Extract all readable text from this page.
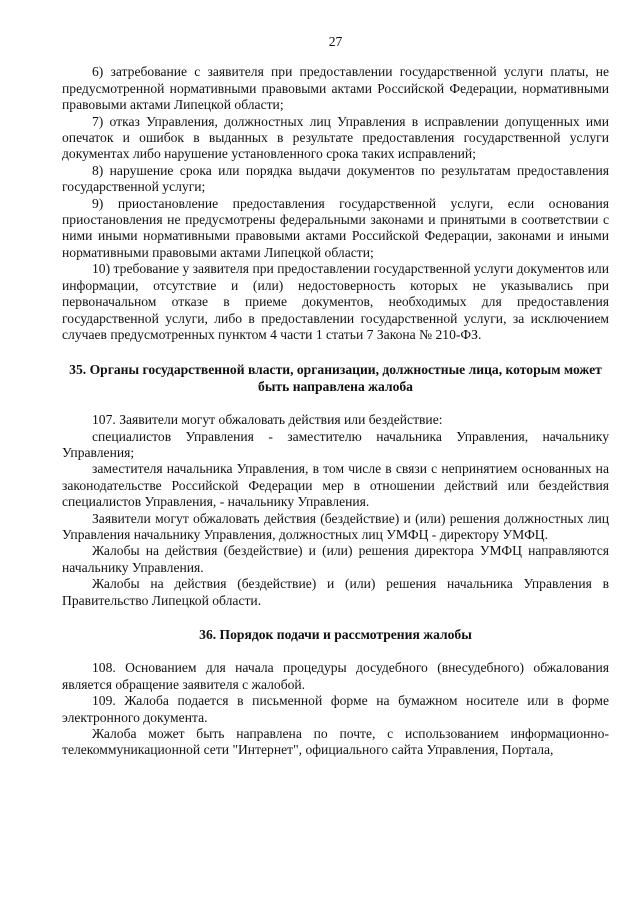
27

6) затребование с заявителя при предоставлении государственной услуги платы, не предусмотренной нормативными правовыми актами Российской Федерации, нормативными правовыми актами Липецкой области;

7) отказ Управления, должностных лиц Управления в исправлении допущенных ими опечаток и ошибок в выданных в результате предоставления государственной услуги документах либо нарушение установленного срока таких исправлений;

8) нарушение срока или порядка выдачи документов по результатам предоставления государственной услуги;

9) приостановление предоставления государственной услуги, если основания приостановления не предусмотрены федеральными законами и принятыми в соответствии с ними иными нормативными правовыми актами Российской Федерации, законами и иными нормативными правовыми актами Липецкой области;

10) требование у заявителя при предоставлении государственной услуги документов или информации, отсутствие и (или) недостоверность которых не указывались при первоначальном отказе в приеме документов, необходимых для предоставления государственной услуги, либо в предоставлении государственной услуги, за исключением случаев предусмотренных пунктом 4 части 1 статьи 7 Закона № 210-ФЗ.

35. Органы государственной власти, организации, должностные лица, которым может быть направлена жалоба

107. Заявители могут обжаловать действия или бездействие:

специалистов Управления - заместителю начальника Управления, начальнику Управления;

заместителя начальника Управления, в том числе в связи с непринятием основанных на законодательстве Российской Федерации мер в отношении действий или бездействия специалистов Управления, - начальнику Управления.

Заявители могут обжаловать действия (бездействие) и (или) решения должностных лиц Управления начальнику Управления, должностных лиц УМФЦ - директору УМФЦ.

Жалобы на действия (бездействие) и (или) решения директора УМФЦ направляются начальнику Управления.

Жалобы на действия (бездействие) и (или) решения начальника Управления в Правительство Липецкой области.

36. Порядок подачи и рассмотрения жалобы

108. Основанием для начала процедуры досудебного (внесудебного) обжалования является обращение заявителя с жалобой.

109. Жалоба подается в письменной форме на бумажном носителе или в форме электронного документа.

Жалоба может быть направлена по почте, с использованием информационно-телекоммуникационной сети "Интернет", официального сайта Управления, Портала,
